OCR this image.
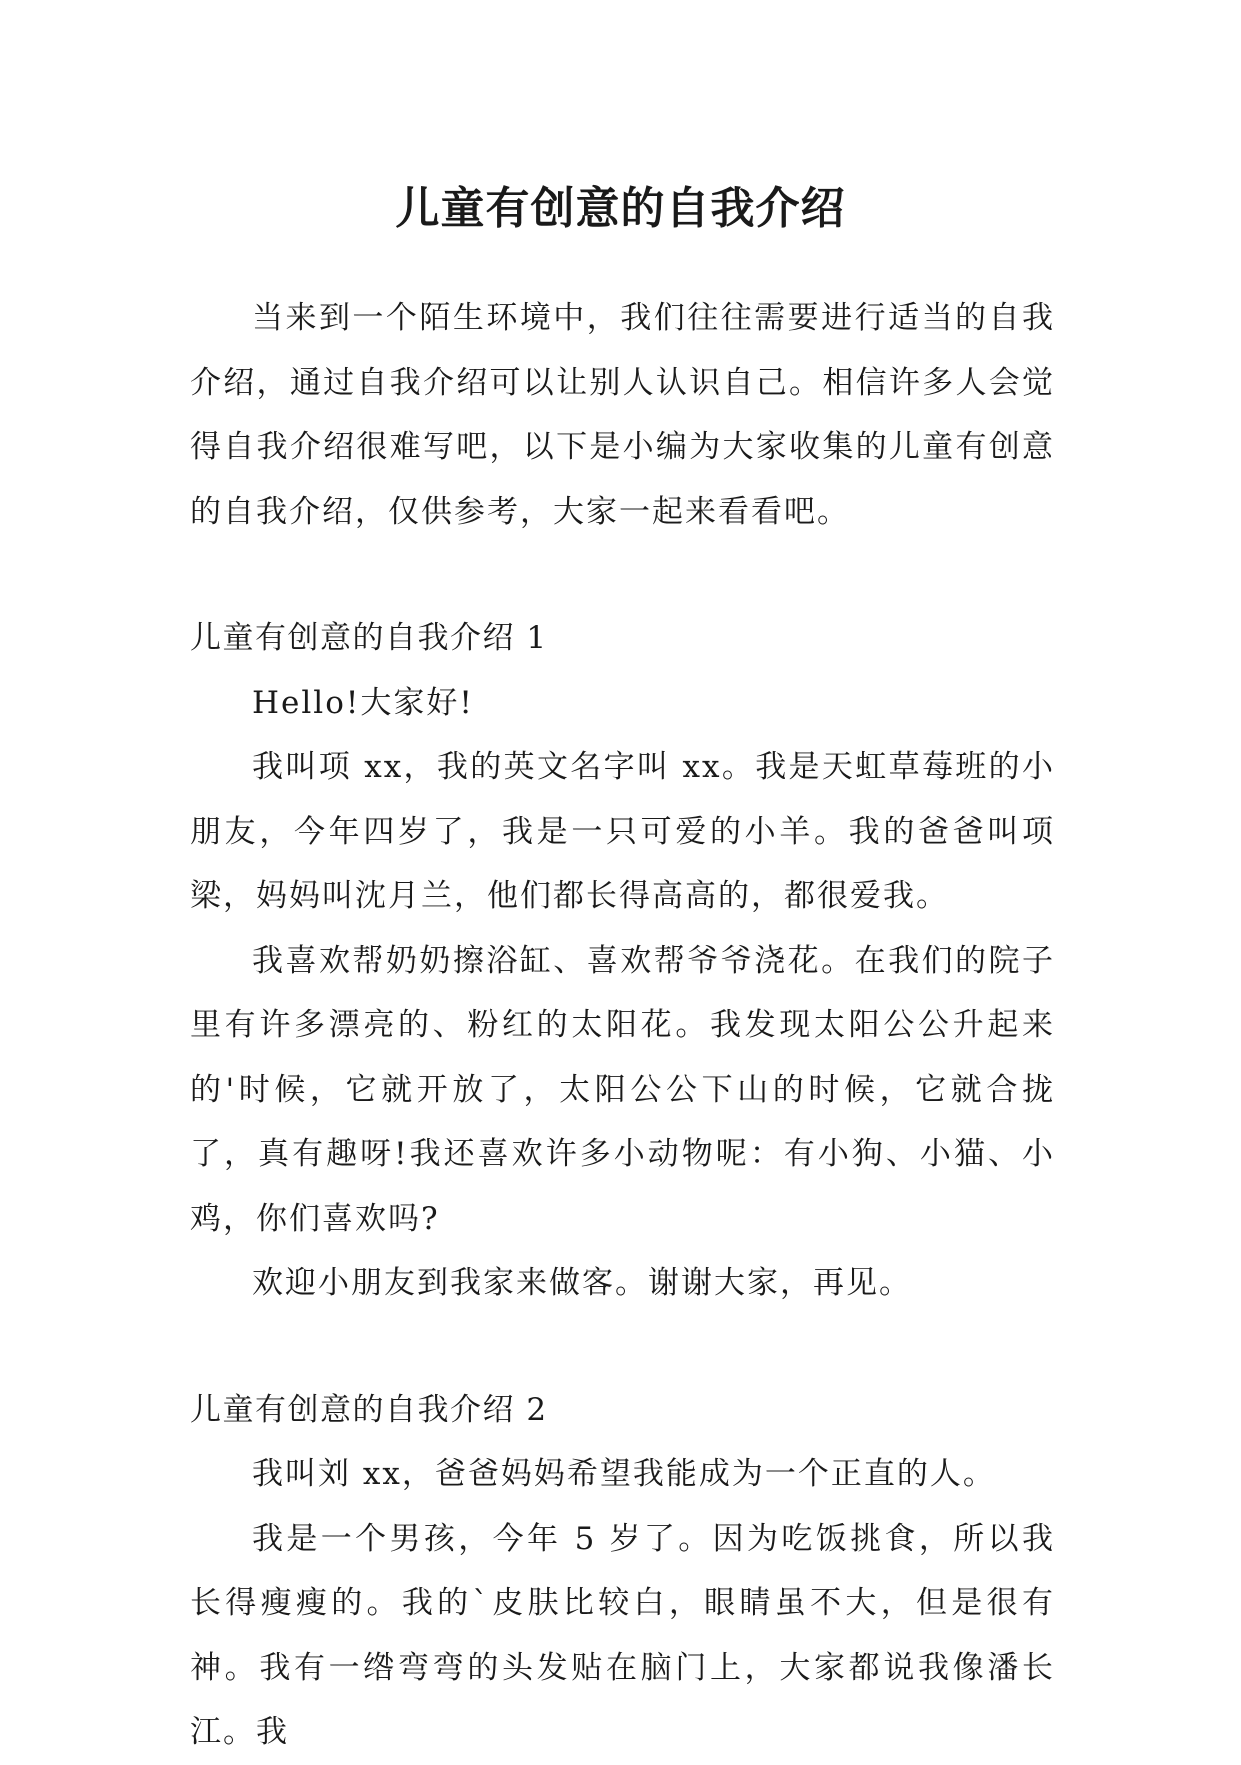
儿童有创意的自我介绍

当来到一个陌生环境中，我们往往需要进行适当的自我介绍，通过自我介绍可以让别人认识自己。相信许多人会觉得自我介绍很难写吧，以下是小编为大家收集的儿童有创意的自我介绍，仅供参考，大家一起来看看吧。

儿童有创意的自我介绍 1

Hello!大家好!

我叫项 xx，我的英文名字叫 xx。我是天虹草莓班的小朋友，今年四岁了，我是一只可爱的小羊。我的爸爸叫项梁，妈妈叫沈月兰，他们都长得高高的，都很爱我。

我喜欢帮奶奶擦浴缸、喜欢帮爷爷浇花。在我们的院子里有许多漂亮的、粉红的太阳花。我发现太阳公公升起来的'时候，它就开放了，太阳公公下山的时候，它就合拢了，真有趣呀!我还喜欢许多小动物呢：有小狗、小猫、小鸡，你们喜欢吗?

欢迎小朋友到我家来做客。谢谢大家，再见。

儿童有创意的自我介绍 2

我叫刘 xx，爸爸妈妈希望我能成为一个正直的人。

我是一个男孩，今年 5 岁了。因为吃饭挑食，所以我长得瘦瘦的。我的`皮肤比较白，眼睛虽不大，但是很有神。我有一绺弯弯的头发贴在脑门上，大家都说我像潘长江。我
